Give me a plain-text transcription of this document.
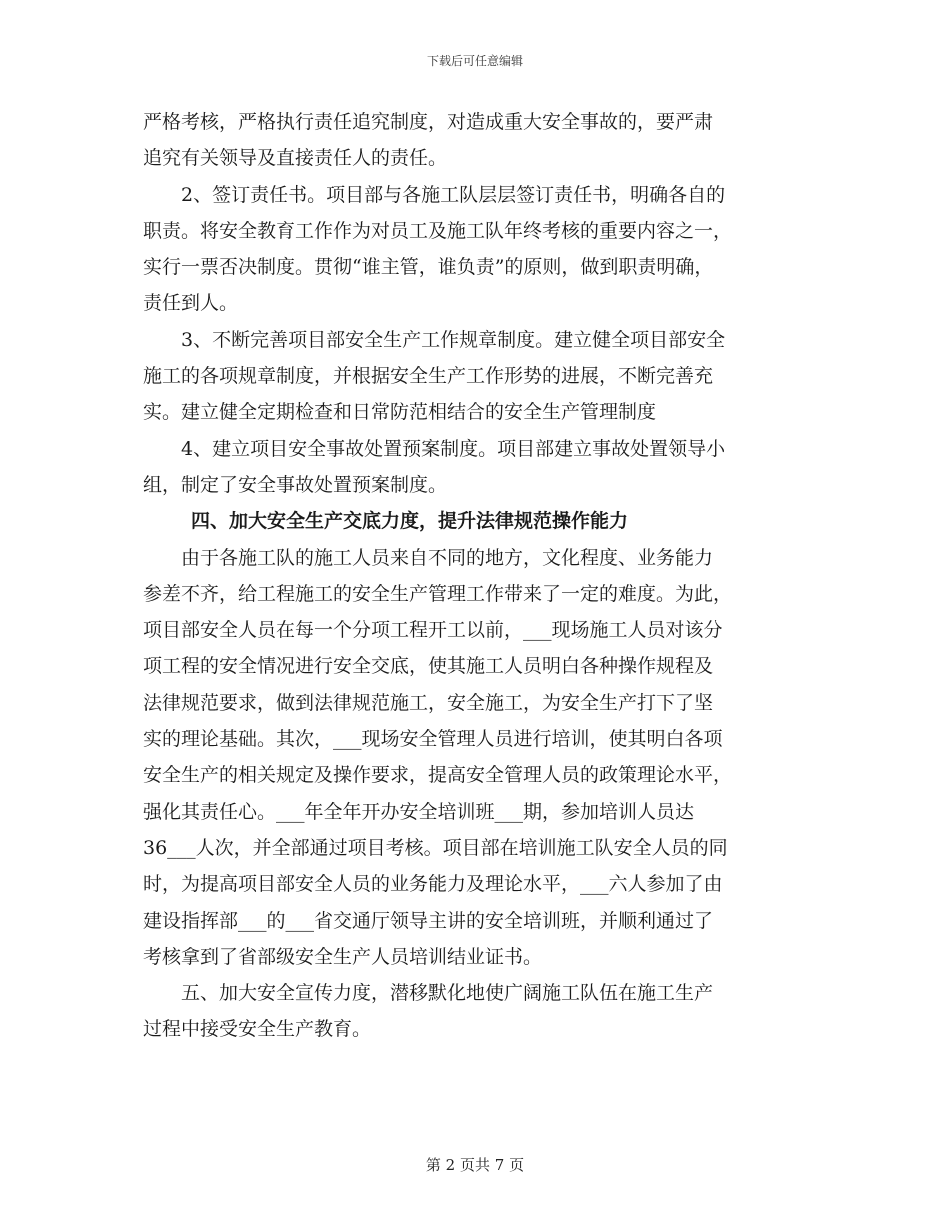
下载后可任意编辑
严格考核，严格执行责任追究制度，对造成重大安全事故的，要严肃
追究有关领导及直接责任人的责任。
　　2、签订责任书。项目部与各施工队层层签订责任书，明确各自的
职责。将安全教育工作作为对员工及施工队年终考核的重要内容之一，
实行一票否决制度。贯彻“谁主管，谁负责”的原则，做到职责明确，
责任到人。
　　3、不断完善项目部安全生产工作规章制度。建立健全项目部安全
施工的各项规章制度，并根据安全生产工作形势的进展，不断完善充
实。建立健全定期检查和日常防范相结合的安全生产管理制度
　　4、建立项目安全事故处置预案制度。项目部建立事故处置领导小
组，制定了安全事故处置预案制度。
四、加大安全生产交底力度，提升法律规范操作能力
　　由于各施工队的施工人员来自不同的地方，文化程度、业务能力
参差不齐，给工程施工的安全生产管理工作带来了一定的难度。为此，
项目部安全人员在每一个分项工程开工以前，___现场施工人员对该分
项工程的安全情况进行安全交底，使其施工人员明白各种操作规程及
法律规范要求，做到法律规范施工，安全施工，为安全生产打下了坚
实的理论基础。其次，___现场安全管理人员进行培训，使其明白各项
安全生产的相关规定及操作要求，提高安全管理人员的政策理论水平，
强化其责任心。___年全年开办安全培训班___期，参加培训人员达
36___人次，并全部通过项目考核。项目部在培训施工队安全人员的同
时，为提高项目部安全人员的业务能力及理论水平，___六人参加了由
建设指挥部___的___省交通厅领导主讲的安全培训班，并顺利通过了
考核拿到了省部级安全生产人员培训结业证书。
　　五、加大安全宣传力度，潜移默化地使广阔施工队伍在施工生产
过程中接受安全生产教育。
第 2 页共 7 页
